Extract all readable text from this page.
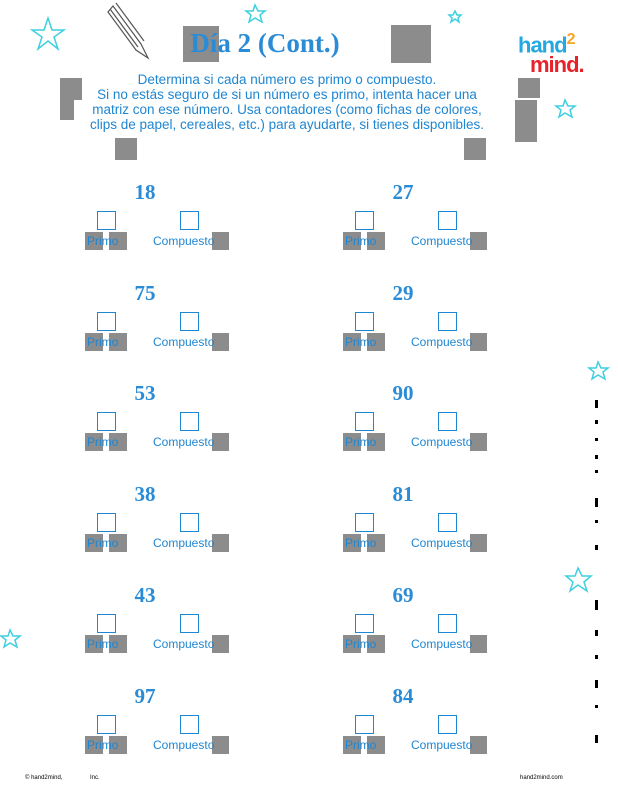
Día 2 (Cont.)	hand$^2$
mind.
Determina si cada número es primo o compuesto.
Si no estás seguro de si un número es primo, intenta hacer una
matriz con ese número. Usa contadores (como fichas de colores,
clips de papel, cereales, etc.) para ayudarte, si tienes disponibles.
18
Primo	Compuesto
27
Primo	Compuesto
75
Primo	Compuesto
29
Primo	Compuesto
53
Primo	Compuesto
90
Primo	Compuesto
38
Primo	Compuesto
81
Primo	Compuesto
43
Primo	Compuesto
69
Primo	Compuesto
97
Primo	Compuesto
84
Primo	Compuesto
© hand2mind,	Inc.	hand2mind.com
